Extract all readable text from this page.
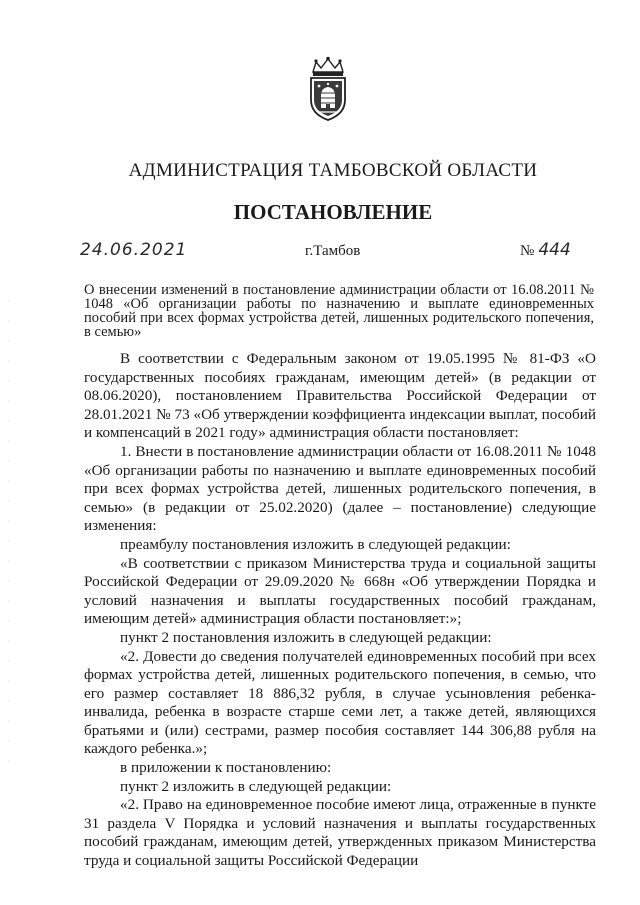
АДМИНИСТРАЦИЯ ТАМБОВСКОЙ ОБЛАСТИ
ПОСТАНОВЛЕНИЕ
24.06.2021	г.Тамбов	№ 444
О внесении изменений в постановление администрации области от 16.08.2011 № 1048 «Об организации работы по назначению и выплате единовременных пособий при всех формах устройства детей, лишенных родительского попечения, в семью»

В соответствии с Федеральным законом от 19.05.1995 № 81-ФЗ «О государственных пособиях гражданам, имеющим детей» (в редакции от 08.06.2020), постановлением Правительства Российской Федерации от 28.01.2021 № 73 «Об утверждении коэффициента индексации выплат, пособий и компенсаций в 2021 году» администрация области постановляет:

1. Внести в постановление администрации области от 16.08.2011 № 1048 «Об организации работы по назначению и выплате единовременных пособий при всех формах устройства детей, лишенных родительского попечения, в семью» (в редакции от 25.02.2020) (далее – постановление) следующие изменения:

преамбулу постановления изложить в следующей редакции:

«В соответствии с приказом Министерства труда и социальной защиты Российской Федерации от 29.09.2020 № 668н «Об утверждении Порядка и условий назначения и выплаты государственных пособий гражданам, имеющим детей» администрация области постановляет:»;

пункт 2 постановления изложить в следующей редакции:

«2. Довести до сведения получателей единовременных пособий при всех формах устройства детей, лишенных родительского попечения, в семью, что его размер составляет 18 886,32 рубля, в случае усыновления ребенка-инвалида, ребенка в возрасте старше семи лет, а также детей, являющихся братьями и (или) сестрами, размер пособия составляет 144 306,88 рубля на каждого ребенка.»;

в приложении к постановлению:

пункт 2 изложить в следующей редакции:

«2. Право на единовременное пособие имеют лица, отраженные в пункте 31 раздела V Порядка и условий назначения и выплаты государственных пособий гражданам, имеющим детей, утвержденных приказом Министерства труда и социальной защиты Российской Федерации
